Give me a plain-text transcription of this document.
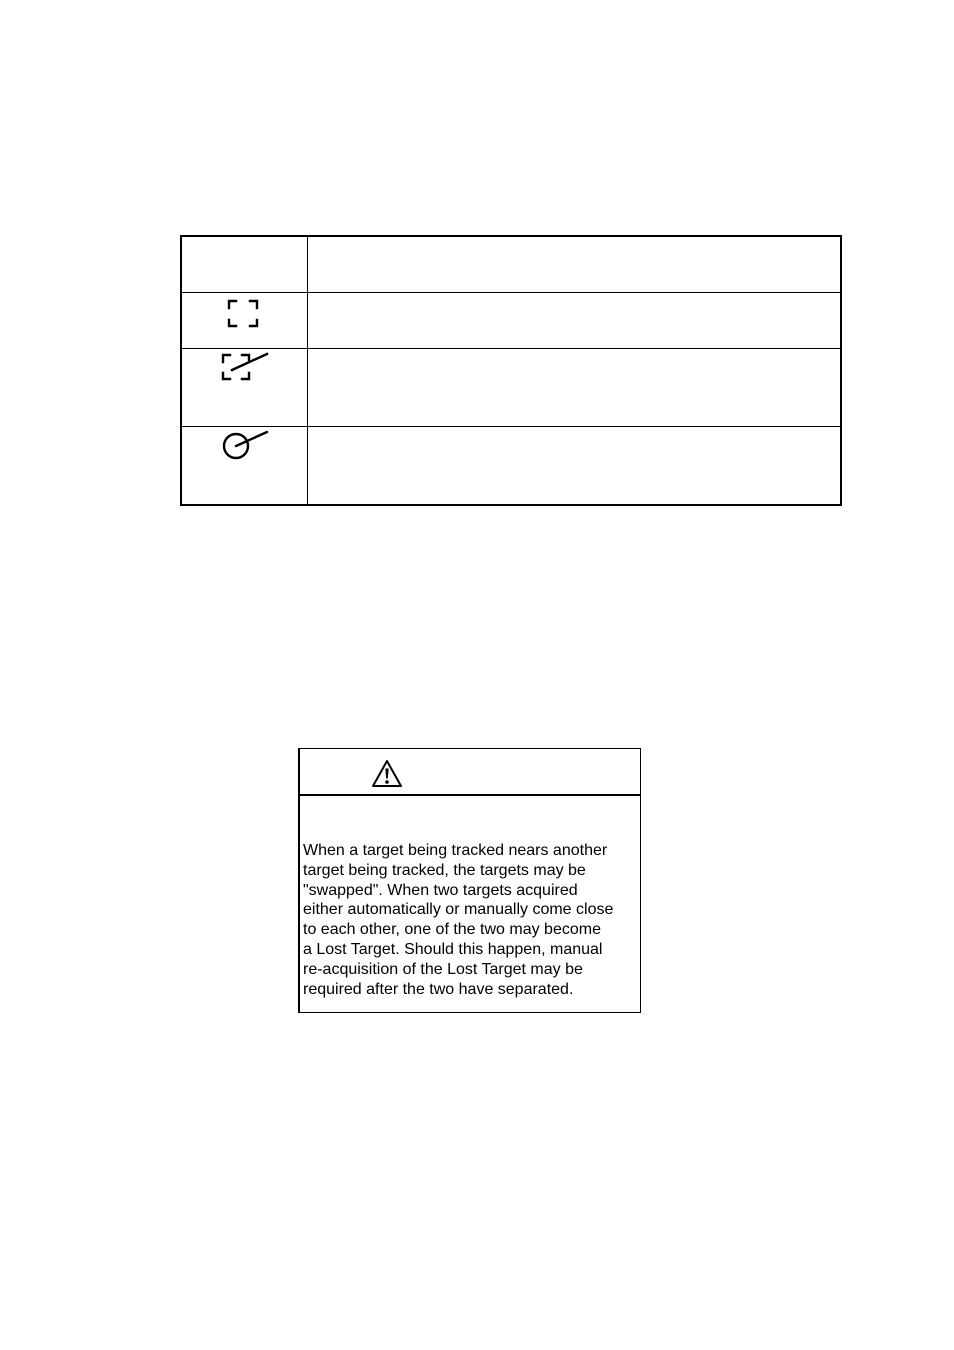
When a target being tracked nears another
target being tracked, the targets may be
"swapped". When two targets acquired
either automatically or manually come close
to each other, one of the two may become
a Lost Target. Should this happen, manual
re-acquisition of the Lost Target may be
required after the two have separated.
